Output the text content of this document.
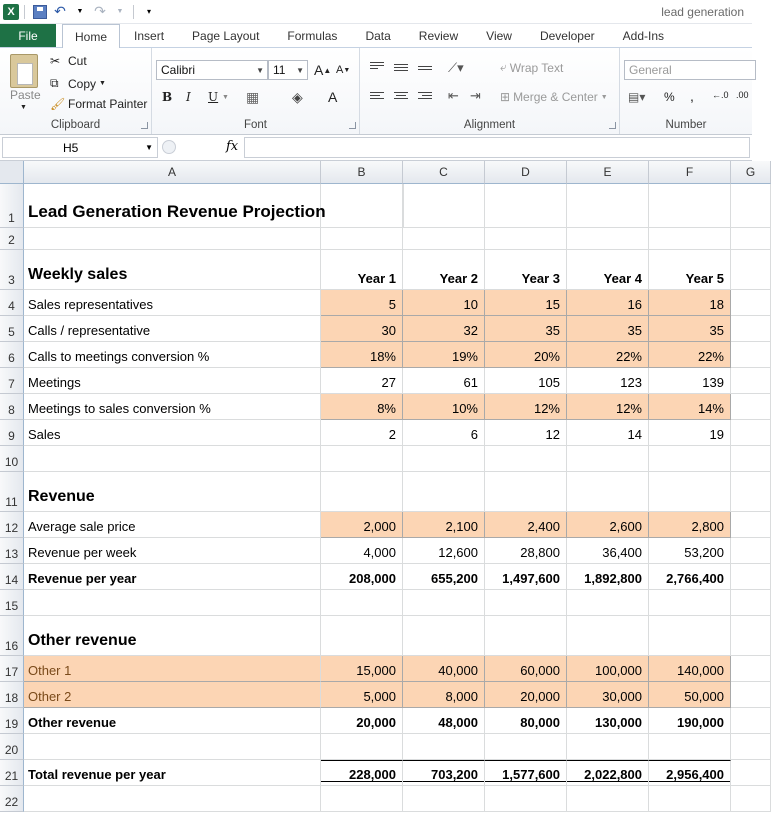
X	↶	▼ ↷	▼	▾	lead generation
File	Home	Insert	Page Layout	Formulas	Data	Review	View	Developer	Add-Ins
Paste
▼
✂ Cut
⧉ Copy ▼
🖌 Format Painter
Clipboard
Calibri	▼ 11 ▼ A ▲ A ▼
B I U ▼ ▦ ◈ A
Font
⟋▾	⤶ Wrap Text
⇤ ⇥ ⊞ Merge & Center ▼
Alignment
General
▤▾ % , ←.0 .00
Number
H5	▼	fx
A	B	C	D	E	F	G
1
2
3
4
5
6
7
8
9
10
11
12
13
14
15
16
17
18
19
20
21
22
Lead Generation Revenue Projection
Weekly sales	Year 1	Year 2	Year 3	Year 4	Year 5
Sales representatives	5	10	15	16	18
Calls / representative	30	32	35	35	35
Calls to meetings conversion %	18%	19%	20%	22%	22%
Meetings	27	61	105	123	139
Meetings to sales conversion %	8%	10%	12%	12%	14%
Sales	2	6	12	14	19
Revenue
Average sale price	2,000	2,100	2,400	2,600	2,800
Revenue per week	4,000	12,600	28,800	36,400	53,200
Revenue per year	208,000	655,200	1,497,600	1,892,800	2,766,400
Other revenue
Other 1	15,000	40,000	60,000	100,000	140,000
Other 2	5,000	8,000	20,000	30,000	50,000
Other revenue	20,000	48,000	80,000	130,000	190,000
Total revenue per year	228,000	703,200	1,577,600	2,022,800	2,956,400
